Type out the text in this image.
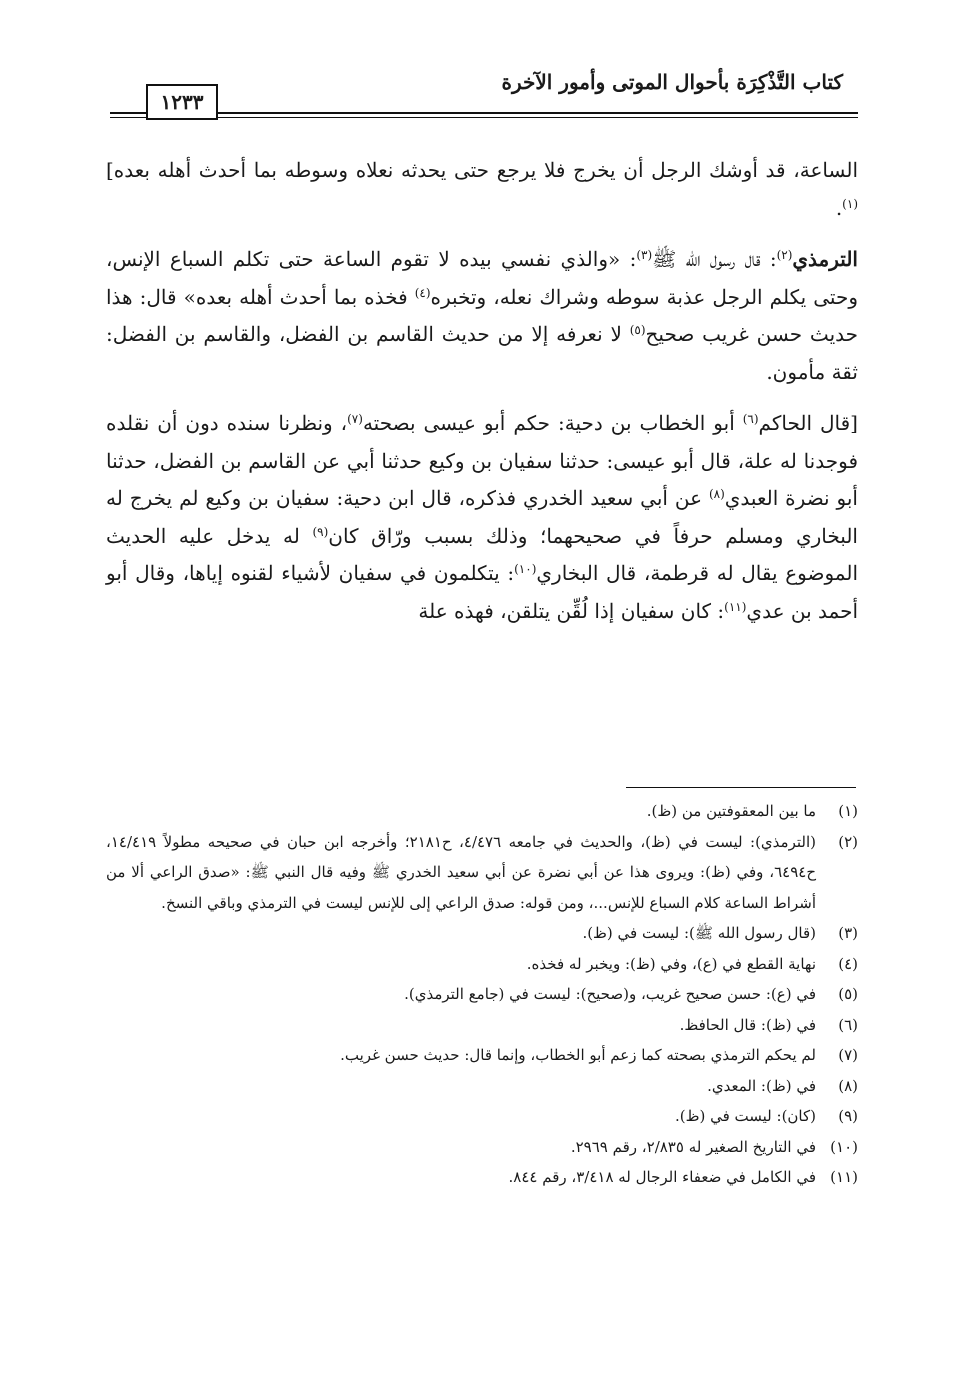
كتاب التَّذْكِرَة بأحوال الموتى وأمور الآخرة
١٢٣٣

الساعة، قد أوشك الرجل أن يخرج فلا يرجع حتى يحدثه نعلاه وسوطه بما أحدث أهله بعده]$^{(١)}$.

الترمذي$^{(٢)}$: قال رسول الله ﷺ$^{(٣)}$: «والذي نفسي بيده لا تقوم الساعة حتى تكلم السباع الإنس، وحتى يكلم الرجل عذبة سوطه وشراك نعله، وتخبره$^{(٤)}$ فخذه بما أحدث أهله بعده» قال: هذا حديث حسن غريب صحيح$^{(٥)}$ لا نعرفه إلا من حديث القاسم بن الفضل، والقاسم بن الفضل: ثقة مأمون.

[قال الحاكم$^{(٦)}$ أبو الخطاب بن دحية: حكم أبو عيسى بصحته$^{(٧)}$، ونظرنا سنده دون أن نقلده فوجدنا له علة، قال أبو عيسى: حدثنا سفيان بن وكيع حدثنا أبي عن القاسم بن الفضل، حدثنا أبو نضرة العبدي$^{(٨)}$ عن أبي سعيد الخدري فذكره، قال ابن دحية: سفيان بن وكيع لم يخرج له البخاري ومسلم حرفاً في صحيحهما؛ وذلك بسبب ورّاق كان$^{(٩)}$ له يدخل عليه الحديث الموضوع يقال له قرطمة، قال البخاري$^{(١٠)}$: يتكلمون في سفيان لأشياء لقنوه إياها، وقال أبو أحمد بن عدي$^{(١١)}$: كان سفيان إذا لُقِّن يتلقن، فهذه علة

(١)
ما بين المعقوفتين من (ظ).
(٢)
(الترمذي): ليست في (ظ)، والحديث في جامعه ٤/٤٧٦، ح٢١٨١؛ وأخرجه ابن حبان في صحيحه مطولاً ١٤/٤١٩، ح٦٤٩٤، وفي (ظ): ويروى هذا عن أبي نضرة عن أبي سعيد الخدري ﷺ وفيه قال النبي ﷺ: «صدق الراعي ألا من أشراط الساعة كلام السباع للإنس...، ومن قوله: صدق الراعي إلى للإنس ليست في الترمذي وباقي النسخ.
(٣)
(قال رسول الله ﷺ): ليست في (ظ).
(٤)
نهاية القطع في (ع)، وفي (ظ): ويخبر له فخذه.
(٥)
في (ع): حسن صحيح غريب، و(صحيح): ليست في (جامع الترمذي).
(٦)
في (ظ): قال الحافظ.
(٧)
لم يحكم الترمذي بصحته كما زعم أبو الخطاب، وإنما قال: حديث حسن غريب.
(٨)
في (ظ): المعدي.
(٩)
(كان): ليست في (ظ).
(١٠)
في التاريخ الصغير له ٢/٨٣٥، رقم ٢٩٦٩.
(١١)
في الكامل في ضعفاء الرجال له ٣/٤١٨، رقم ٨٤٤.
